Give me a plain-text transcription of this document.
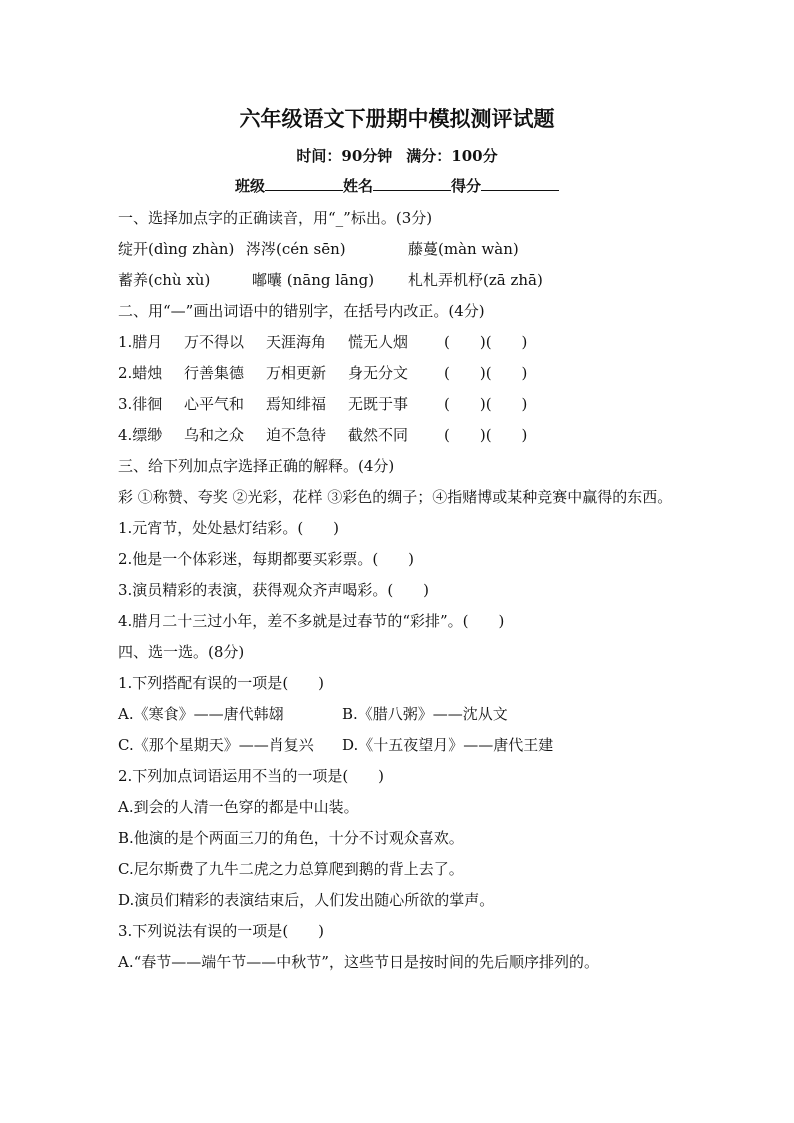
六年级语文下册期中模拟测评试题
时间：90分钟 满分：100分
班级	姓名	得分
一、选择加点字的正确读音，用“_”标出。(3分)
绽开(dìng zhàn) 涔涔(cén sēn)	藤蔓(màn wàn)
蓄养(chù xù)	嘟囔 (nāng lāng) 札札弄机杼(zā zhā)
二、用“—”画出词语中的错别字，在括号内改正。(4分)
1.腊月 万不得以 天涯海角 慌无人烟 (　　)(　　)
2.蜡烛 行善集德 万相更新 身无分文 (　　)(　　)
3.徘徊 心平气和 焉知绯福 无既于事 (　　)(　　)
4.缥缈 乌和之众 迫不急待 截然不同 (　　)(　　)
三、给下列加点字选择正确的解释。(4分)
彩 ①称赞、夸奖 ②光彩，花样 ③彩色的绸子；④指赌博或某种竞赛中赢得的东西。
1.元宵节，处处悬灯结彩。(　　)
2.他是一个体彩迷，每期都要买彩票。(　　)
3.演员精彩的表演，获得观众齐声喝彩。(　　)
4.腊月二十三过小年，差不多就是过春节的“彩排”。(　　)
四、选一选。(8分)
1.下列搭配有误的一项是(　　)
A.《寒食》——唐代韩翃	B.《腊八粥》——沈从文
C.《那个星期天》——肖复兴 D.《十五夜望月》——唐代王建
2.下列加点词语运用不当的一项是(　　)
A.到会的人清一色穿的都是中山装。
B.他演的是个两面三刀的角色，十分不讨观众喜欢。
C.尼尔斯费了九牛二虎之力总算爬到鹅的背上去了。
D.演员们精彩的表演结束后，人们发出随心所欲的掌声。
3.下列说法有误的一项是(　　)
A.“春节——端午节——中秋节”，这些节日是按时间的先后顺序排列的。
